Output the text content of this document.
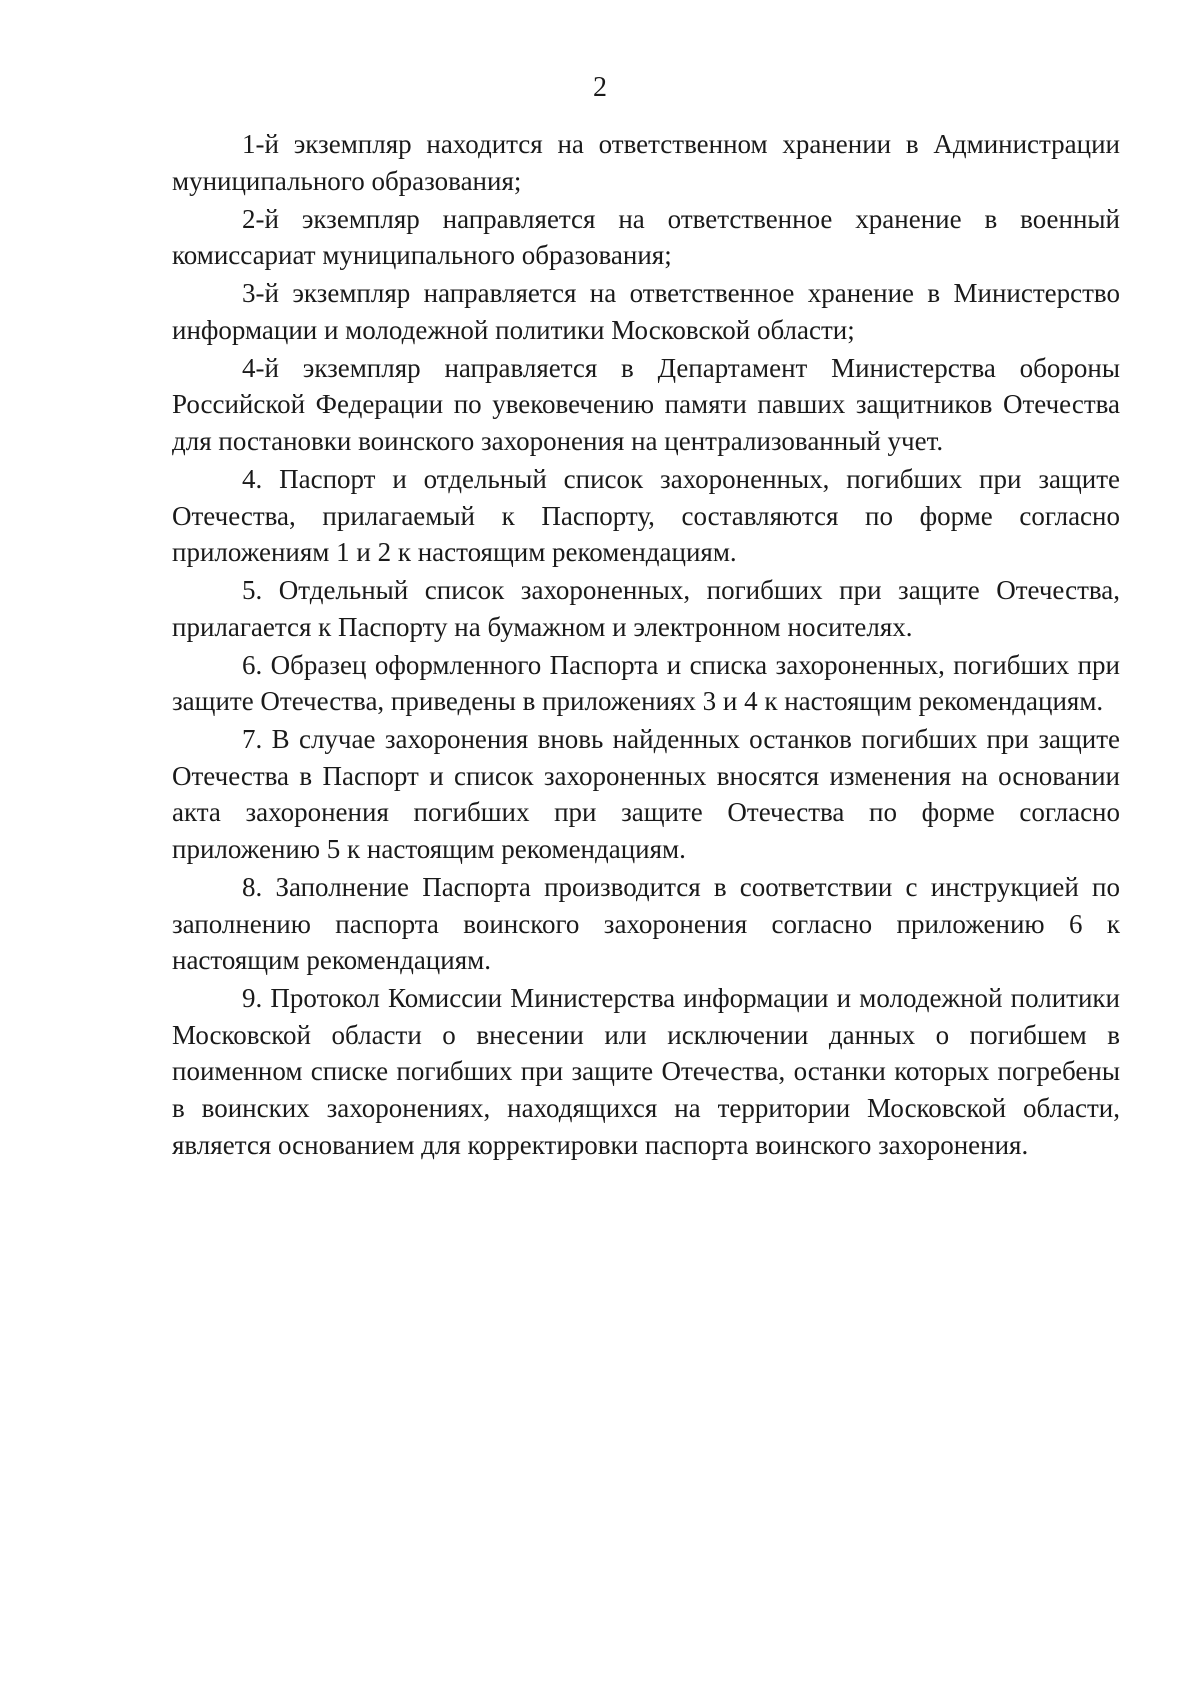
2

1-й экземпляр находится на ответственном хранении в Администрации муниципального образования;

2-й экземпляр направляется на ответственное хранение в военный комиссариат муниципального образования;

3-й экземпляр направляется на ответственное хранение в Министерство информации и молодежной политики Московской области;

4-й экземпляр направляется в Департамент Министерства обороны Российской Федерации по увековечению памяти павших защитников Отечества для постановки воинского захоронения на централизованный учет.

4. Паспорт и отдельный список захороненных, погибших при защите Отечества, прилагаемый к Паспорту, составляются по форме согласно приложениям 1 и 2 к настоящим рекомендациям.

5. Отдельный список захороненных, погибших при защите Отечества, прилагается к Паспорту на бумажном и электронном носителях.

6. Образец оформленного Паспорта и списка захороненных, погибших при защите Отечества, приведены в приложениях 3 и 4 к настоящим рекомендациям.

7. В случае захоронения вновь найденных останков погибших при защите Отечества в Паспорт и список захороненных вносятся изменения на основании акта захоронения погибших при защите Отечества по форме согласно приложению 5 к настоящим рекомендациям.

8. Заполнение Паспорта производится в соответствии с инструкцией по заполнению паспорта воинского захоронения согласно приложению 6 к настоящим рекомендациям.

9. Протокол Комиссии Министерства информации и молодежной политики Московской области о внесении или исключении данных о погибшем в поименном списке погибших при защите Отечества, останки которых погребены в воинских захоронениях, находящихся на территории Московской области, является основанием для корректировки паспорта воинского захоронения.
